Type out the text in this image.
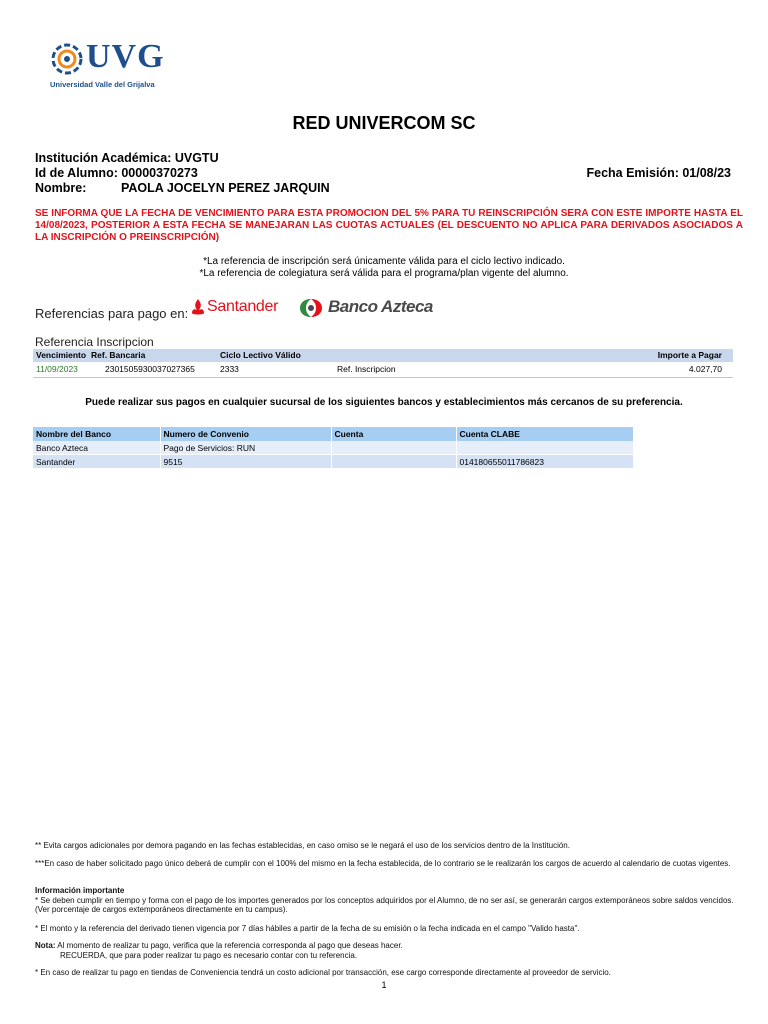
UVG
Universidad Valle del Grijalva
RED UNIVERCOM SC
Institución Académica: UVGTU
Id de Alumno: 00000370273	Fecha Emisión: 01/08/23
Nombre:	PAOLA JOCELYN PEREZ JARQUIN
SE INFORMA QUE LA FECHA DE VENCIMIENTO PARA ESTA PROMOCION DEL 5% PARA TU REINSCRIPCIÓN SERA CON ESTE IMPORTE HASTA EL 14/08/2023, POSTERIOR A ESTA FECHA SE MANEJARAN LAS CUOTAS ACTUALES (EL DESCUENTO NO APLICA PARA DERIVADOS ASOCIADOS A LA INSCRIPCIÓN O PREINSCRIPCIÓN)
*La referencia de inscripción será únicamente válida para el ciclo lectivo indicado.
*La referencia de colegiatura será válida para el programa/plan vigente del alumno.
Referencias para pago en: Santander	Banco Azteca
Referencia Inscripcion
Vencimiento Ref. Bancaria	Ciclo Lectivo Válido	Importe a Pagar
11/09/2023	2301505930037027365	2333	Ref. Inscripcion	4.027,70
Puede realizar sus pagos en cualquier sucursal de los siguientes bancos y establecimientos más cercanos de su preferencia.
Nombre del Banco	Numero de Convenio	Cuenta	Cuenta CLABE
Banco Azteca	Pago de Servicios: RUN		
Santander	9515		014180655011786823
** Evita cargos adicionales por demora pagando en las fechas establecidas, en caso omiso se le negará el uso de los servicios dentro de la Institución.
***En caso de haber solicitado pago único deberá de cumplir con el 100% del mismo en la fecha establecida, de lo contrario se le realizarán los cargos de acuerdo al calendario de cuotas vigentes.
Información importante
* Se deben cumplir en tiempo y forma con el pago de los importes generados por los conceptos adquiridos por el Alumno, de no ser así, se generarán cargos extemporáneos sobre saldos vencidos. (Ver porcentaje de cargos extemporáneos directamente en tu campus).
* El monto y la referencia del derivado tienen vigencia por 7 días hábiles a partir de la fecha de su emisión o la fecha indicada en el campo "Valido hasta".
Nota: Al momento de realizar tu pago, verifica que la referencia corresponda al pago que deseas hacer.
RECUERDA, que para poder realizar tu pago es necesario contar con tu referencia.
* En caso de realizar tu pago en tiendas de Conveniencia tendrá un costo adicional por transacción, ese cargo corresponde directamente al proveedor de servicio.
1
